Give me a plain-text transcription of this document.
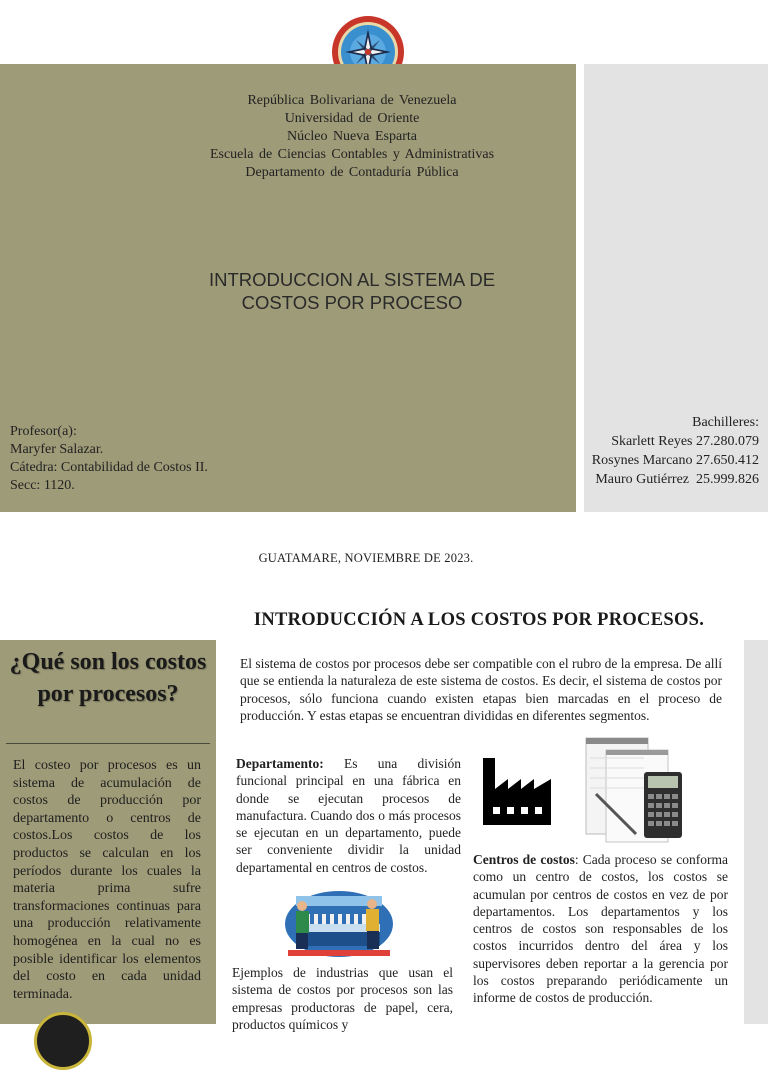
República Bolivariana de Venezuela
Universidad de Oriente
Núcleo Nueva Esparta
Escuela de Ciencias Contables y Administrativas
Departamento de Contaduría Pública
INTRODUCCION AL SISTEMA DE
COSTOS POR PROCESO
Profesor(a):
Maryfer Salazar.
Cátedra: Contabilidad de Costos II.
Secc: 1120.
Bachilleres:
Skarlett Reyes 27.280.079
Rosynes Marcano 27.650.412
Mauro Gutiérrez  25.999.826
GUATAMARE, NOVIEMBRE DE 2023.
INTRODUCCIÓN A LOS COSTOS POR PROCESOS.
¿Qué son los costos por procesos?
El costeo por procesos es un sistema de acumulación de costos de producción por departamento o centros de costos.Los costos de los productos se calculan en los períodos durante los cuales la materia prima sufre transformaciones continuas para una producción relativamente homogénea en la cual no es posible identificar los elementos del costo en cada unidad terminada.
El sistema de costos por procesos debe ser compatible con el rubro de la empresa. De allí que se entienda la naturaleza de este sistema de costos. Es decir, el sistema de costos por procesos, sólo funciona cuando existen etapas bien marcadas en el proceso de producción. Y estas etapas se encuentran divididas en diferentes segmentos.
Departamento: Es una división funcional principal en una fábrica en donde se ejecutan procesos de manufactura. Cuando dos o más procesos se ejecutan en un departamento, puede ser conveniente dividir la unidad departamental en centros de costos.
Centros de costos: Cada proceso se conforma como un centro de costos, los costos se acumulan por centros de costos en vez de por departamentos. Los departamentos y los centros de costos son responsables de los costos incurridos dentro del área y los supervisores deben reportar a la gerencia por los costos preparando periódicamente un informe de costos de producción.
Ejemplos de industrias que usan el sistema de costos por procesos son las empresas productoras de papel, cera, productos químicos y
